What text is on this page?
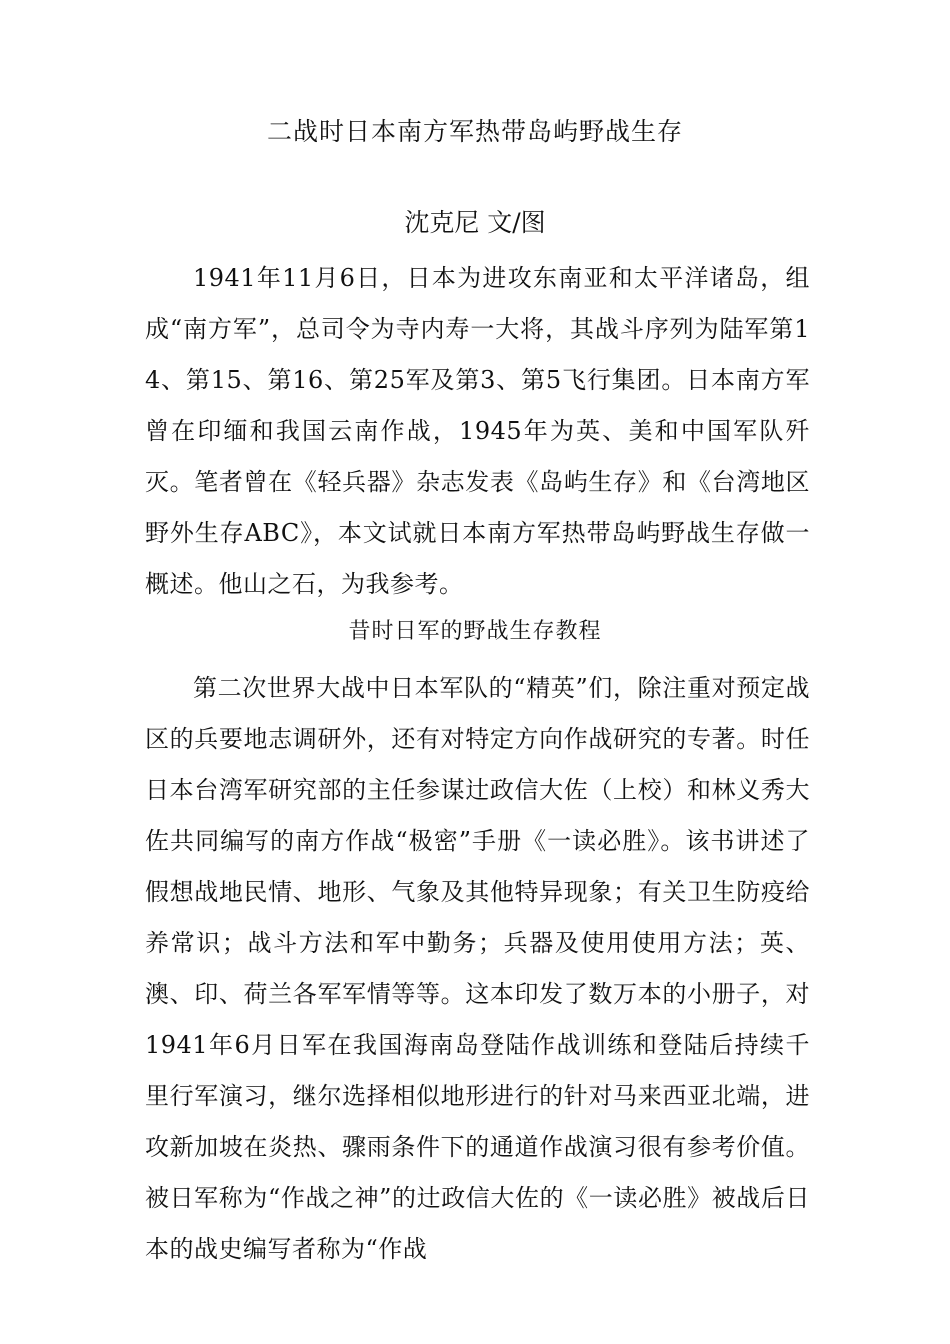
二战时日本南方军热带岛屿野战生存
沈克尼 文/图

1941年11月6日，日本为进攻东南亚和太平洋诸岛，组成“南方军”，总司令为寺内寿一大将，其战斗序列为陆军第14、第15、第16、第25军及第3、第5飞行集团。日本南方军曾在印缅和我国云南作战，1945年为英、美和中国军队歼灭。笔者曾在《轻兵器》杂志发表《岛屿生存》和《台湾地区野外生存ABC》，本文试就日本南方军热带岛屿野战生存做一概述。他山之石，为我参考。

昔时日军的野战生存教程

第二次世界大战中日本军队的“精英”们，除注重对预定战区的兵要地志调研外，还有对特定方向作战研究的专著。时任日本台湾军研究部的主任参谋辻政信大佐（上校）和林义秀大佐共同编写的南方作战“极密”手册《一读必胜》。该书讲述了假想战地民情、地形、气象及其他特异现象；有关卫生防疫给养常识；战斗方法和军中勤务；兵器及使用使用方法；英、澳、印、荷兰各军军情等等。这本印发了数万本的小册子，对1941年6月日军在我国海南岛登陆作战训练和登陆后持续千里行军演习，继尔选择相似地形进行的针对马来西亚北端，进攻新加坡在炎热、骤雨条件下的通道作战演习很有参考价值。被日军称为“作战之神”的辻政信大佐的《一读必胜》被战后日本的战史编写者称为“作战
